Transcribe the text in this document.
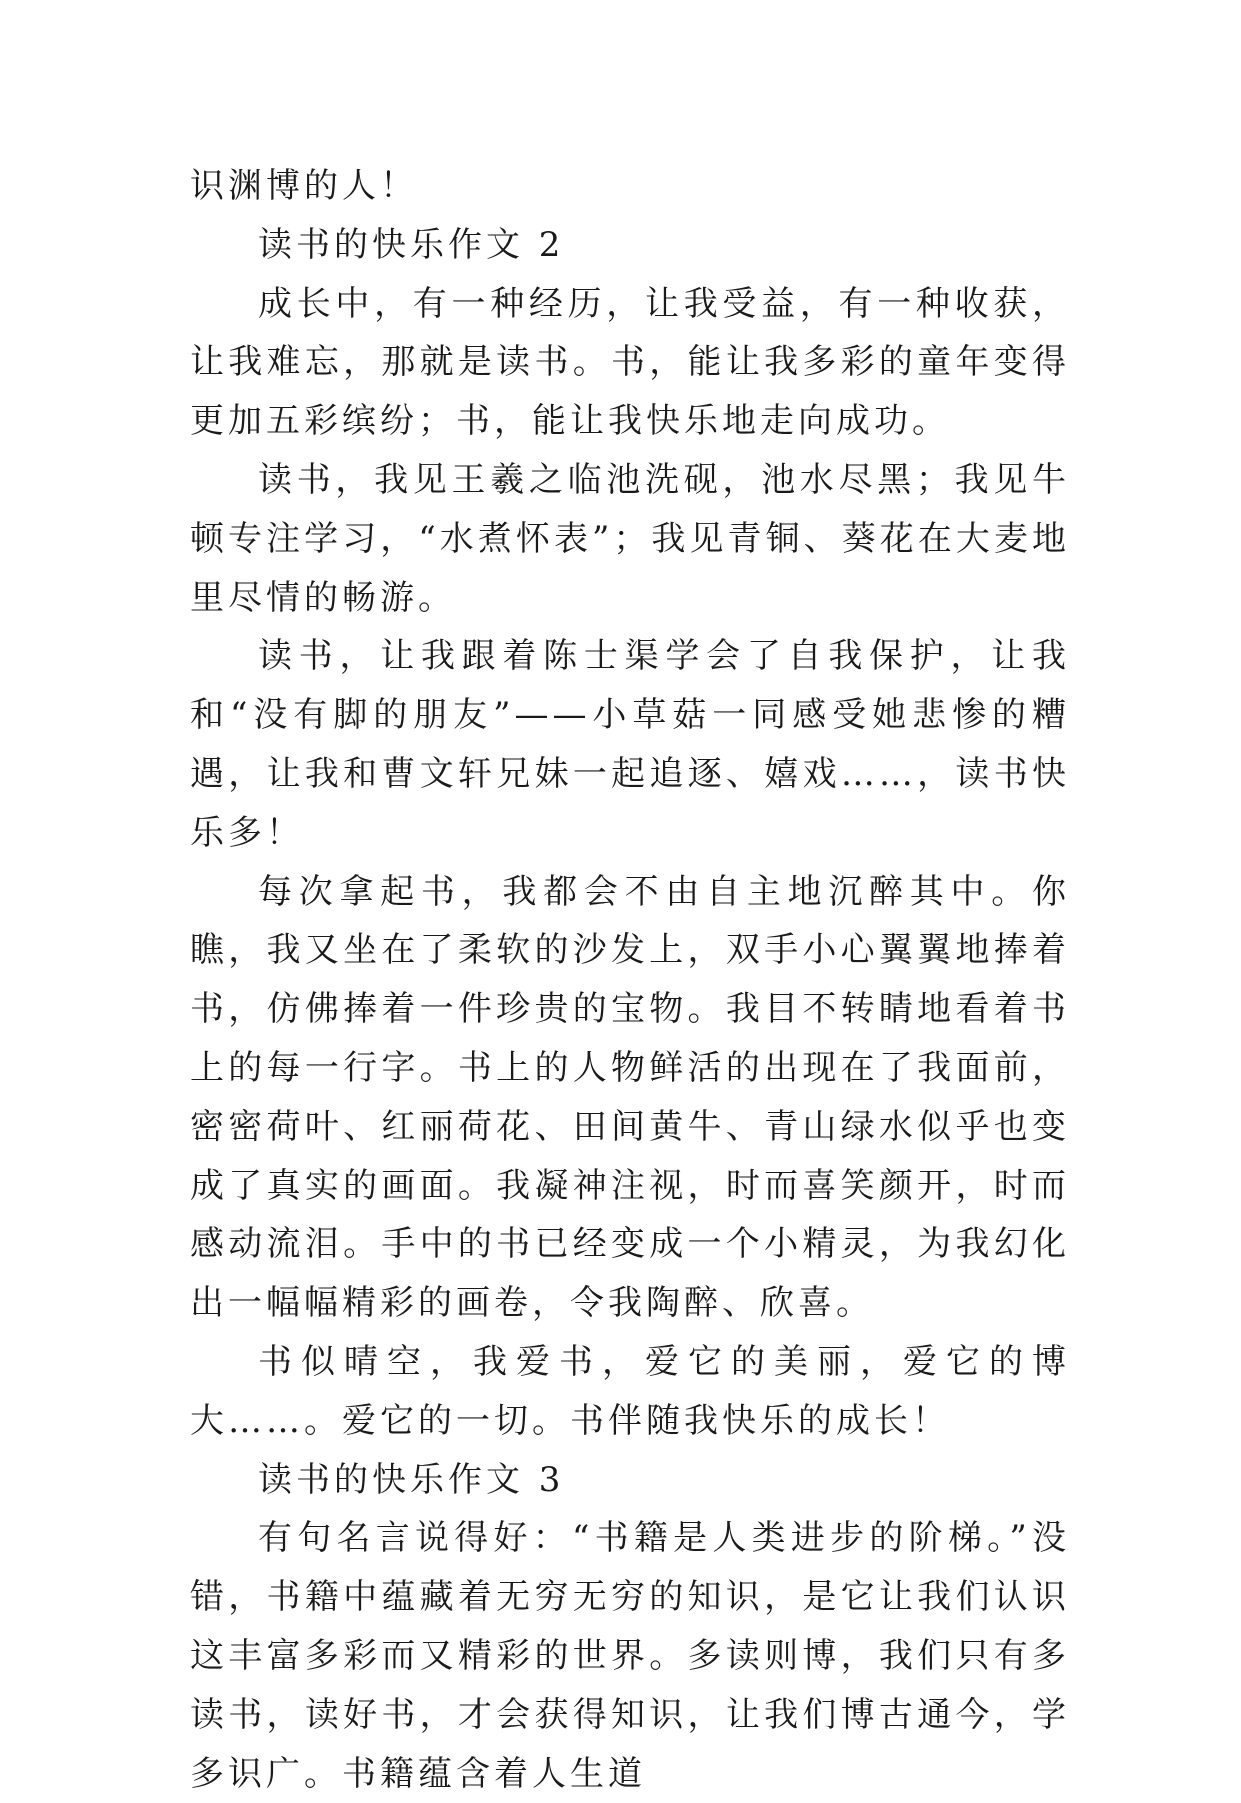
识渊博的人！

读书的快乐作文 2

成长中，有一种经历，让我受益，有一种收获，让我难忘，那就是读书。书，能让我多彩的童年变得更加五彩缤纷；书，能让我快乐地走向成功。

读书，我见王羲之临池洗砚，池水尽黑；我见牛顿专注学习，“水煮怀表”；我见青铜、葵花在大麦地里尽情的畅游。

读书，让我跟着陈士渠学会了自我保护，让我和“没有脚的朋友”——小草菇一同感受她悲惨的糟遇，让我和曹文轩兄妹一起追逐、嬉戏……，读书快乐多！

每次拿起书，我都会不由自主地沉醉其中。你瞧，我又坐在了柔软的沙发上，双手小心翼翼地捧着书，仿佛捧着一件珍贵的宝物。我目不转睛地看着书上的每一行字。书上的人物鲜活的出现在了我面前，密密荷叶、红丽荷花、田间黄牛、青山绿水似乎也变成了真实的画面。我凝神注视，时而喜笑颜开，时而感动流泪。手中的书已经变成一个小精灵，为我幻化出一幅幅精彩的画卷，令我陶醉、欣喜。

书似晴空，我爱书，爱它的美丽，爱它的博大……。爱它的一切。书伴随我快乐的成长！

读书的快乐作文 3

有句名言说得好：“书籍是人类进步的阶梯。”没错，书籍中蕴藏着无穷无穷的知识，是它让我们认识这丰富多彩而又精彩的世界。多读则博，我们只有多读书，读好书，才会获得知识，让我们博古通今，学多识广。书籍蕴含着人生道
